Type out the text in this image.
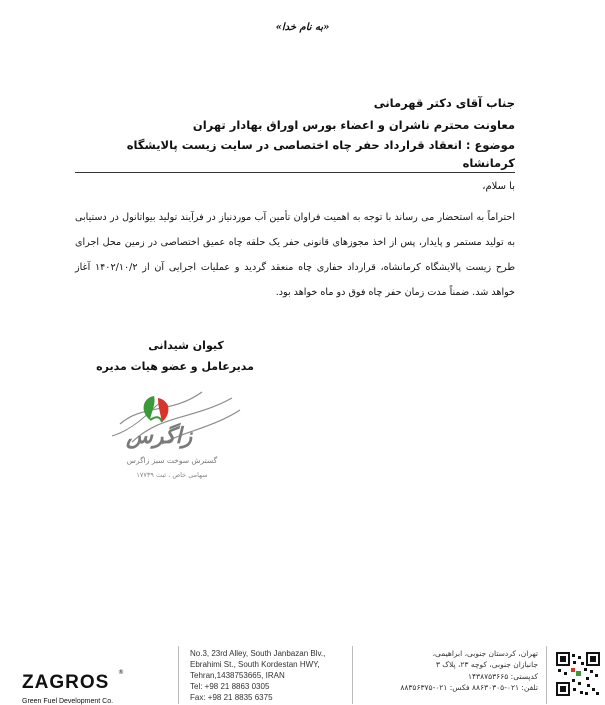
«به نام خدا»
جناب آقای دکتر قهرمانی
معاونت محترم ناشران و اعضاء بورس اوراق بهادار تهران
موضوع : انعقاد قرارداد حفر چاه اختصاصی در سایت زیست پالایشگاه کرمانشاه
با سلام،
احتراماً به استحضار می رساند با توجه به اهمیت فراوان تأمین آب موردنیاز در فرآیند تولید بیواتانول در دستیابی به تولید مستمر و پایدار، پس از اخذ مجوزهای قانونی حفر یک حلقه چاه عمیق اختصاصی در زمین محل اجرای طرح زیست پالایشگاه کرمانشاه، قرارداد حفاری چاه منعقد گردید و عملیات اجرایی آن از ۱۴۰۲/۱۰/۲ آغاز خواهد شد. ضمناً مدت زمان حفر چاه فوق دو ماه خواهد بود.
کیوان شیدانی
مدیرعامل و عضو هیات مدیره
زاگرس
گسترش سوخت سبز زاگرس
سهامی خاص ، ثبت ۱۷۷۳۹
ZAGROS ®
Green Fuel Development Co.
No.3, 23rd Alley, South Janbazan Blv.,
Ebrahimi St., South Kordestan HWY,
Tehran,1438753665, IRAN
Tel: +98 21 8863 0305
Fax: +98 21 8835 6375
تهران، کردستان جنوبی، ابراهیمی،
جانبازان جنوبی، کوچه ۲۳، پلاک ۳
کدپستی: ۱۴۳۸۷۵۳۶۶۵
تلفن: ۰۲۱-۸۸۶۳۰۳۰۵ فکس: ۰۲۱-۸۸۳۵۶۳۷۵
